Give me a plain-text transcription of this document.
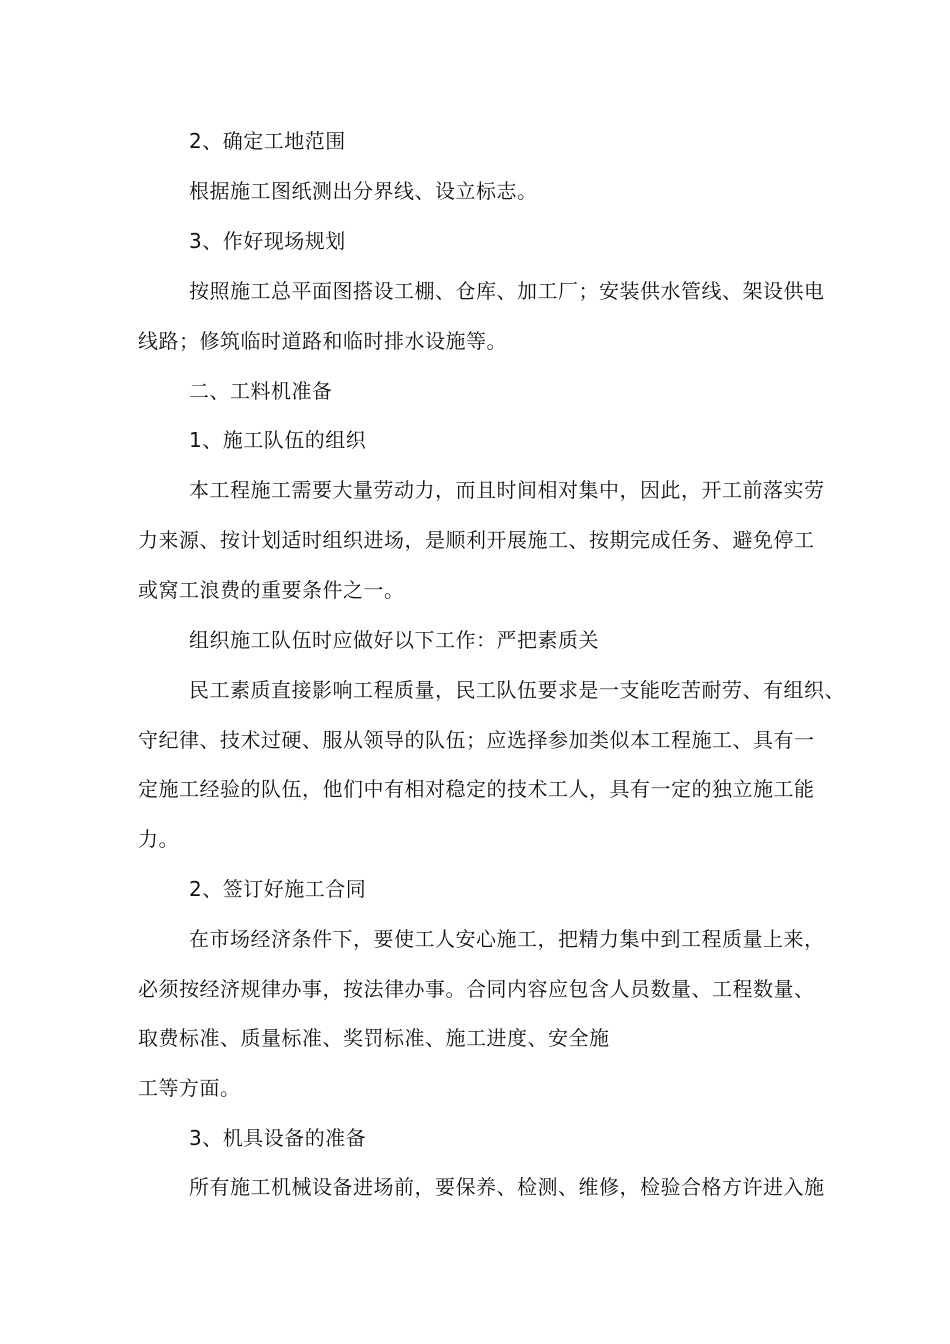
2、确定工地范围
根据施工图纸测出分界线、设立标志。
3、作好现场规划
按照施工总平面图搭设工棚、仓库、加工厂；安装供水管线、架设供电
线路；修筑临时道路和临时排水设施等。
二、工料机准备
1、施工队伍的组织
本工程施工需要大量劳动力，而且时间相对集中，因此，开工前落实劳
力来源、按计划适时组织进场，是顺利开展施工、按期完成任务、避免停工
或窝工浪费的重要条件之一。
组织施工队伍时应做好以下工作：严把素质关
民工素质直接影响工程质量，民工队伍要求是一支能吃苦耐劳、有组织、
守纪律、技术过硬、服从领导的队伍；应选择参加类似本工程施工、具有一
定施工经验的队伍，他们中有相对稳定的技术工人，具有一定的独立施工能
力。
2、签订好施工合同
在市场经济条件下，要使工人安心施工，把精力集中到工程质量上来，
必须按经济规律办事，按法律办事。合同内容应包含人员数量、工程数量、
取费标准、质量标准、奖罚标准、施工进度、安全施
工等方面。
3、机具设备的准备
所有施工机械设备进场前，要保养、检测、维修，检验合格方许进入施
